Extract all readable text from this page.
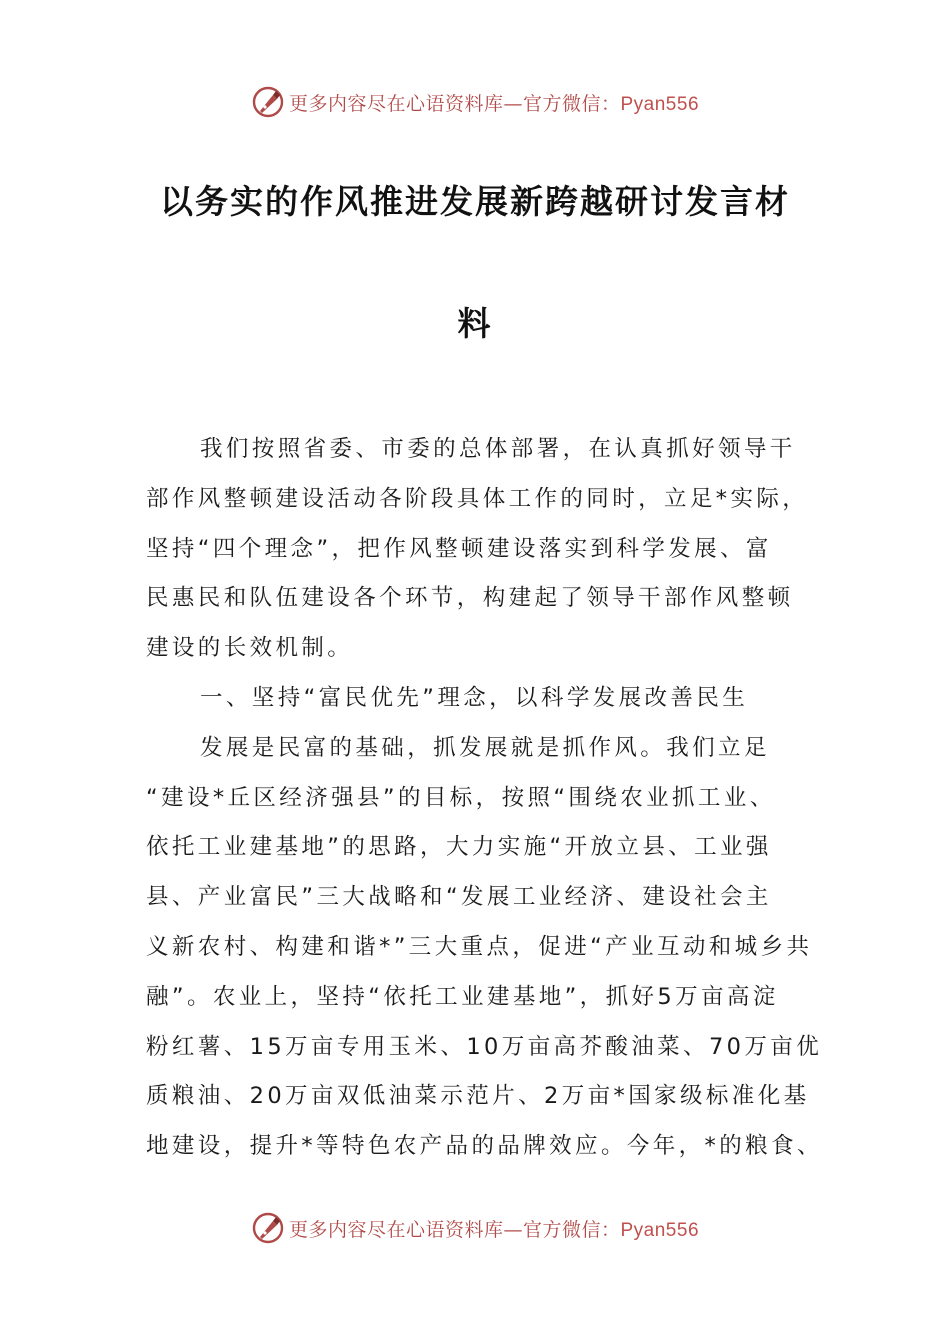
更多内容尽在心语资料库—官方微信：Pyan556
以务实的作风推进发展新跨越研讨发言材
料
我们按照省委、市委的总体部署，在认真抓好领导干
部作风整顿建设活动各阶段具体工作的同时，立足*实际，
坚持“四个理念”，把作风整顿建设落实到科学发展、富
民惠民和队伍建设各个环节，构建起了领导干部作风整顿
建设的长效机制。
一、坚持“富民优先”理念，以科学发展改善民生
发展是民富的基础，抓发展就是抓作风。我们立足
“建设*丘区经济强县”的目标，按照“围绕农业抓工业、
依托工业建基地”的思路，大力实施“开放立县、工业强
县、产业富民”三大战略和“发展工业经济、建设社会主
义新农村、构建和谐*”三大重点，促进“产业互动和城乡共
融”。农业上，坚持“依托工业建基地”，抓好5万亩高淀
粉红薯、15万亩专用玉米、10万亩高芥酸油菜、70万亩优
质粮油、20万亩双低油菜示范片、2万亩*国家级标准化基
地建设，提升*等特色农产品的品牌效应。今年，*的粮食、
更多内容尽在心语资料库—官方微信：Pyan556
